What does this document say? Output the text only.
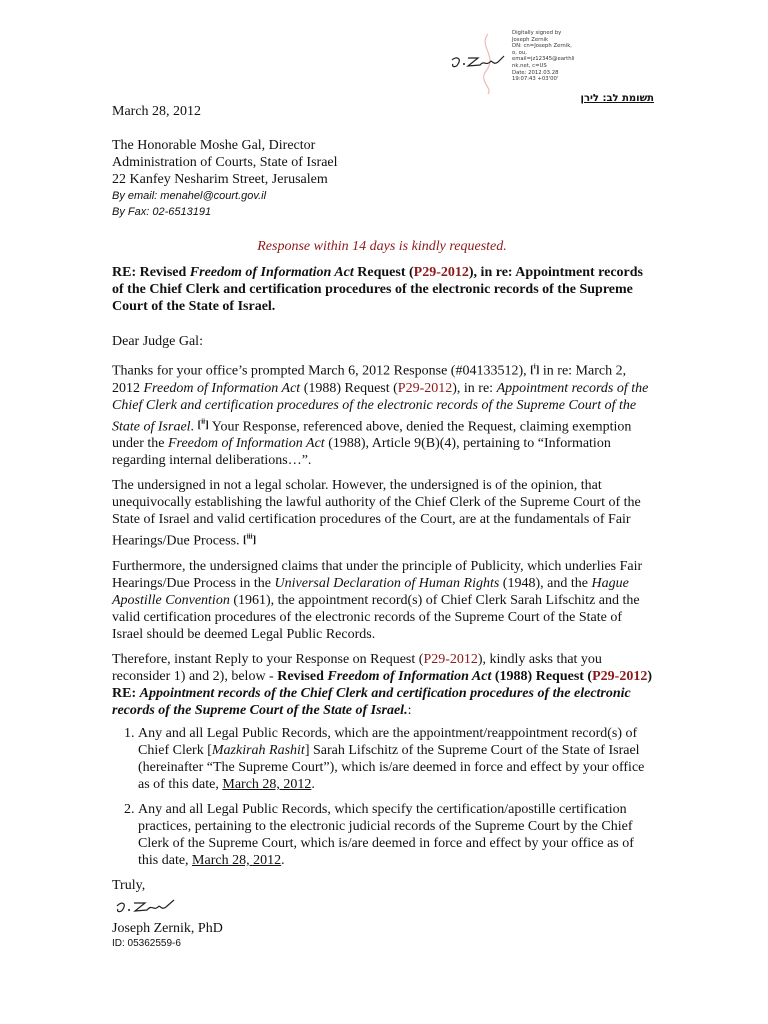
Digitally signed by
Joseph Zernik
DN: cn=Joseph Zernik,
o, ou,
email=jz12345@earthli
nk.net, c=US
Date: 2012.03.28
19:07:43 +03'00'
תשומת לב: לירן

March 28, 2012

The Honorable Moshe Gal, Director

Administration of Courts, State of Israel

22 Kanfey Nesharim Street, Jerusalem

By email: menahel@court.gov.il

By Fax: 02-6513191

Response within 14 days is kindly requested.

RE: Revised Freedom of Information Act Request (P29-2012), in re: Appointment records of the Chief Clerk and certification procedures of the electronic records of the Supreme Court of the State of Israel.

Dear Judge Gal:

Thanks for your office’s prompted March 6, 2012 Response (#04133512), [$^i$] in re: March 2, 2012 Freedom of Information Act (1988) Request (P29-2012), in re: Appointment records of the Chief Clerk and certification procedures of the electronic records of the Supreme Court of the State of Israel. [$^{ii}$] Your Response, referenced above, denied the Request, claiming exemption under the Freedom of Information Act (1988), Article 9(B)(4), pertaining to “Information regarding internal deliberations…”.

The undersigned in not a legal scholar. However, the undersigned is of the opinion, that unequivocally establishing the lawful authority of the Chief Clerk of the Supreme Court of the State of Israel and valid certification procedures of the Court, are at the fundamentals of Fair Hearings/Due Process. [$^{iii}$]

Furthermore, the undersigned claims that under the principle of Publicity, which underlies Fair Hearings/Due Process in the Universal Declaration of Human Rights (1948), and the Hague Apostille Convention (1961), the appointment record(s) of Chief Clerk Sarah Lifschitz and the valid certification procedures of the electronic records of the Supreme Court of the State of Israel should be deemed Legal Public Records.

Therefore, instant Reply to your Response on Request (P29-2012), kindly asks that you reconsider 1) and 2), below - Revised Freedom of Information Act (1988) Request (P29-2012) RE: Appointment records of the Chief Clerk and certification procedures of the electronic records of the Supreme Court of the State of Israel.:

1. Any and all Legal Public Records, which are the appointment/reappointment record(s) of Chief Clerk [Mazkirah Rashit] Sarah Lifschitz of the Supreme Court of the State of Israel (hereinafter “The Supreme Court”), which is/are deemed in force and effect by your office as of this date, March 28, 2012.
2. Any and all Legal Public Records, which specify the certification/apostille certification practices, pertaining to the electronic judicial records of the Supreme Court by the Chief Clerk of the Supreme Court, which is/are deemed in force and effect by your office as of this date, March 28, 2012.

Truly,

Joseph Zernik, PhD

ID: 05362559-6
